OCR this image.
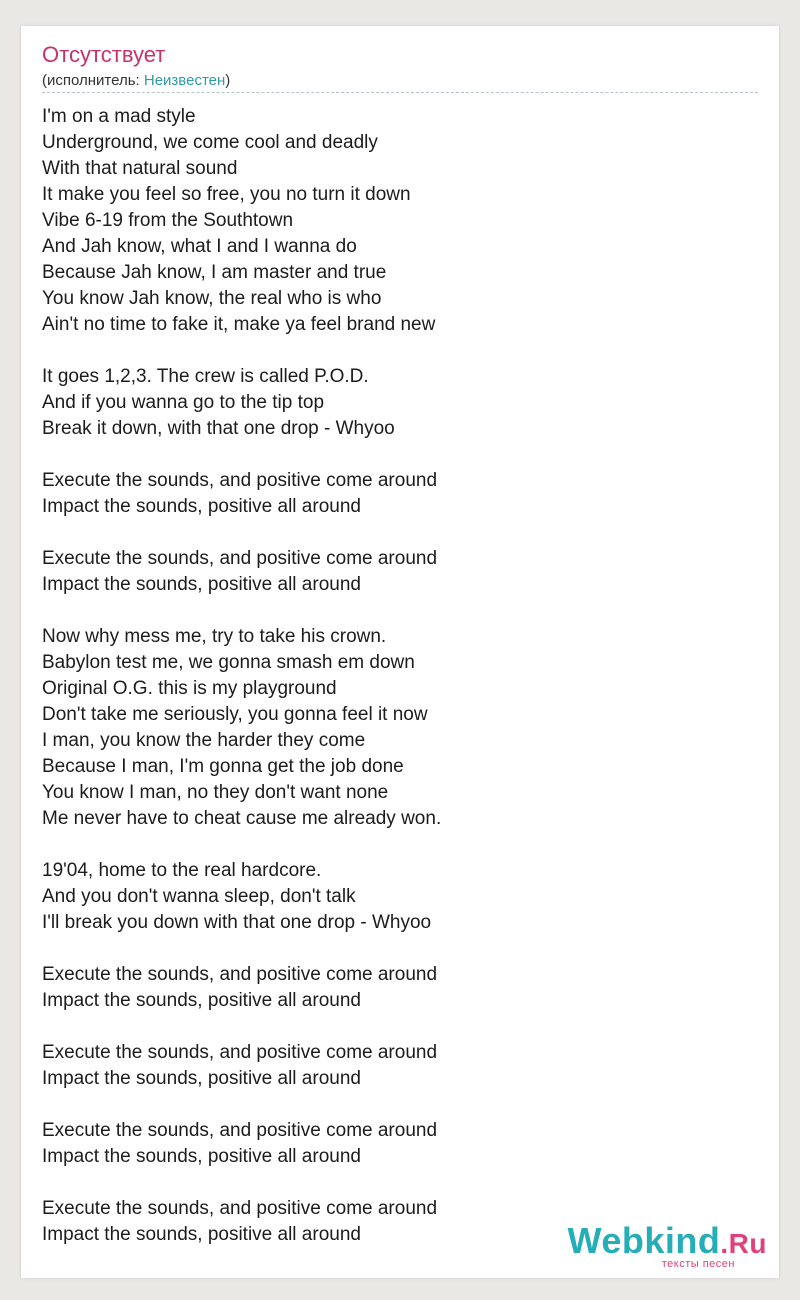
Отсутствует
(исполнитель: Неизвестен)
I'm on a mad style
Underground, we come cool and deadly
With that natural sound
It make you feel so free, you no turn it down
Vibe 6-19 from the Southtown
And Jah know, what I and I wanna do
Because Jah know, I am master and true
You know Jah know, the real who is who
Ain't no time to fake it, make ya feel brand new
It goes 1,2,3. The crew is called P.O.D.
And if you wanna go to the tip top
Break it down, with that one drop - Whyoo
Execute the sounds, and positive come around
Impact the sounds, positive all around
Execute the sounds, and positive come around
Impact the sounds, positive all around
Now why mess me, try to take his crown.
Babylon test me, we gonna smash em down
Original O.G. this is my playground
Don't take me seriously, you gonna feel it now
I man, you know the harder they come
Because I man, I'm gonna get the job done
You know I man, no they don't want none
Me never have to cheat cause me already won.
19'04, home to the real hardcore.
And you don't wanna sleep, don't talk
I'll break you down with that one drop - Whyoo
Execute the sounds, and positive come around
Impact the sounds, positive all around
Execute the sounds, and positive come around
Impact the sounds, positive all around
Execute the sounds, and positive come around
Impact the sounds, positive all around
Execute the sounds, and positive come around
Impact the sounds, positive all around	Webkind.Ru
тексты песен
